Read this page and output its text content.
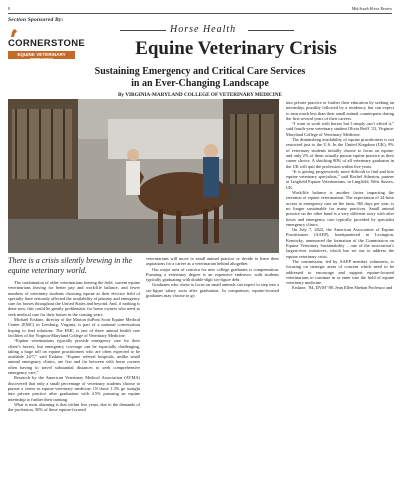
8	Mid-South Horse Review
Section Sponsored By:
CORNERSTONE
EQUINE VETERINARY SERVICES
Horse Health
Equine Veterinary Crisis
Sustaining Emergency and Critical Care Services
in an Ever-Changing Landscape
By VIRGINIA-MARYLAND COLLEGE OF VETERINARY MEDICINE
There is a crisis silently brewing in the equine veterinary world.

The combination of older veterinarians leaving the field, current equine veterinarians leaving for better pay and work/life balance, and fewer numbers of veterinary students choosing equine as their elective field of specialty have seriously affected the availability of primary and emergency care for horses throughout the United States and beyond. And, if nothing is done now, this could be greatly problematic for horse owners who need to seek medical care for their horses in the coming years.

Michael Erskine, director of the Marion duPont Scott Equine Medical Center (EMC) in Leesburg, Virginia, is part of a national conversation hoping to find solutions. The EMC is one of three animal health care facilities of the Virginia-Maryland College of Veterinary Medicine.

“Equine veterinarians typically provide emergency care for their client’s horses, but emergency coverage can be especially challenging, taking a huge toll on equine practitioners who are often expected to be available 24/7,” said Erskine. “Equine referral hospitals, unlike small animal emergency clinics, are few and far between with horse owners often having to travel substantial distances to seek comprehensive emergency care.”

Research by the American Veterinary Medical Association (AVMA) discovered that only a small percentage of veterinary students choose to pursue a career in equine veterinary medicine. Of those 1.3% go straight into private practice after graduation with 4.5% pursuing an equine internship to further their training.

What is most alarming is that within five years, due to the demands of the profession, 50% of these equine-focused

veterinarians will move to small animal practice or decide to leave their aspirations for a career as a veterinarian behind altogether.

Our major area of concern for new college graduates is compensation. Pursuing a veterinary degree is an expensive endeavor, with students typically graduating with double-digit six-figure debt.

Graduates who chose to focus on small animals can expect to step into a six-figure salary soon after graduation. In comparison, equine-focused graduates may choose to go

into private practice or further their education by seeking an internship, possibly followed by a residency, but can expect to earn much less than their small animal counterparts during the first several years of their careers.

“I want to work with horses but I simply can’t afford it,” said fourth-year veterinary student Olivia Reiff ’23, Virginia-Maryland College of Veterinary Medicine.

The diminishing availability of equine practitioners is not restricted just to the U.S. In the United Kingdom (UK), 9% of veterinary students initially choose to focus on equine, and only 2% of them actually pursue equine practice as their career choice. A shocking 80% of all veterinary graduates in the UK will quit the profession within five years.

“It is getting progressively more difficult to find and hire equine veterinary specialists,” said Rachel Atherton, partner at Lingfield Equine Veterinarians, in Lingfield, West Sussex, UK.

Work/life balance is another factor impacting the retention of equine veterinarians. The expectation of 24-hour access to emergency care on the farm, 365 days per year, is no longer sustainable for many practices. Small animal practice on the other hand is a very different story with after hours and emergency care typically provided by specialist emergency clinics.

On July 7, 2022, the American Association of Equine Practitioners (AAEP), headquartered in Lexington, Kentucky, announced the formation of the Commission on Equine Veterinary Sustainability – one of the association’s largest-ever initiatives, which has set out to address the equine veterinary crisis.

The commission, led by AAEP member volunteers, is focusing on strategic areas of concern which need to be addressed to encourage and support equine-focused veterinarians to continue in or enter into the field of equine veterinary medicine.

Erskine, ’84, DVM ’88, Jean Ellen Shehan Professor and
